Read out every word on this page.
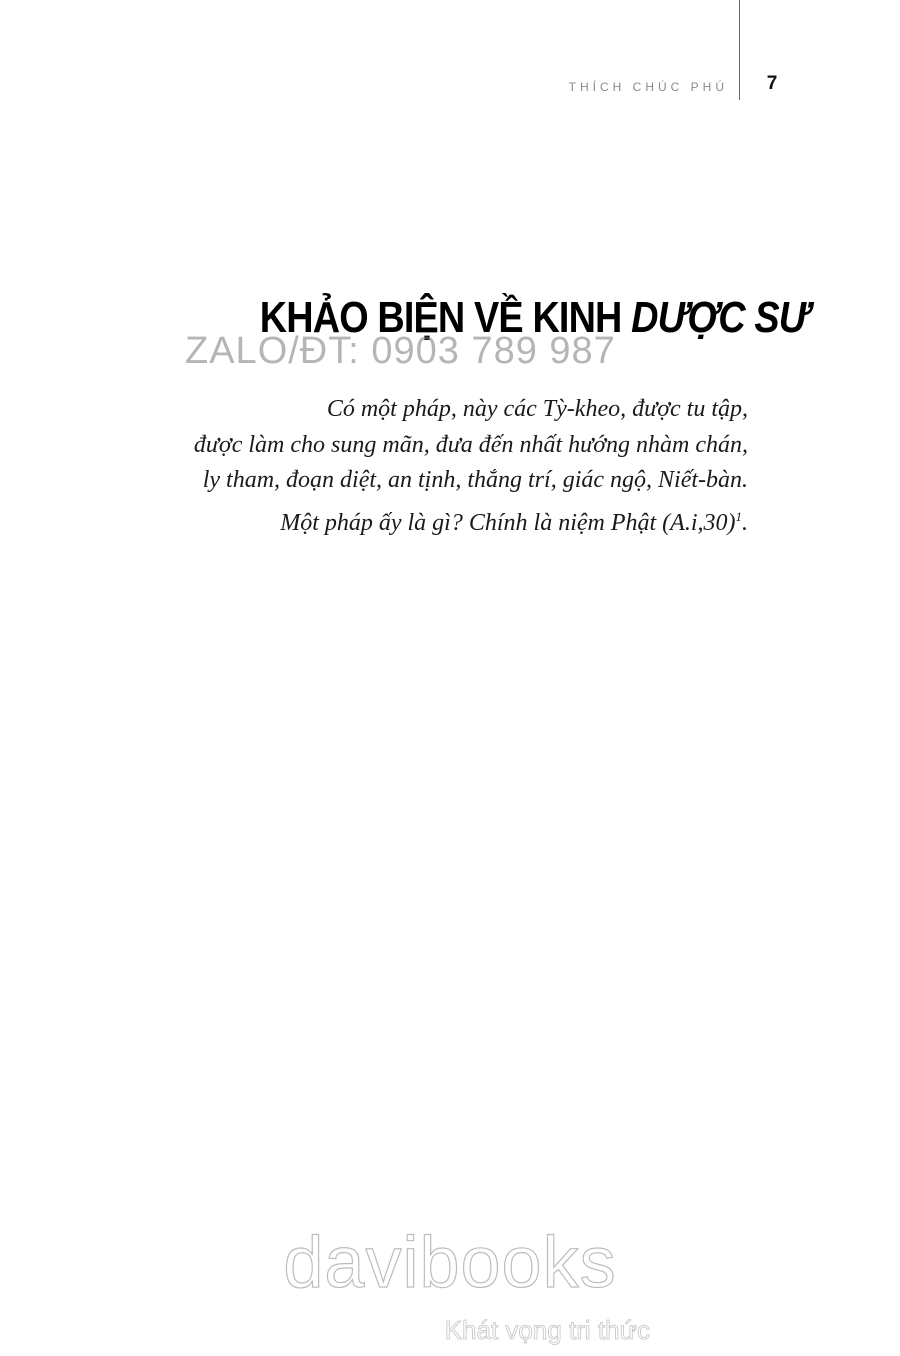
THÍCH CHÚC PHÚ	7
KHẢO BIỆN VỀ KINH DƯỢC SƯ
ZALO/ĐT: 0903 789 987
Có một pháp, này các Tỳ-kheo, được tu tập,
được làm cho sung mãn, đưa đến nhất hướng nhàm chán,
ly tham, đoạn diệt, an tịnh, thắng trí, giác ngộ, Niết-bàn.
Một pháp ấy là gì? Chính là niệm Phật $(A.i,30)^1$.
davibooks
Khát vọng tri thức
